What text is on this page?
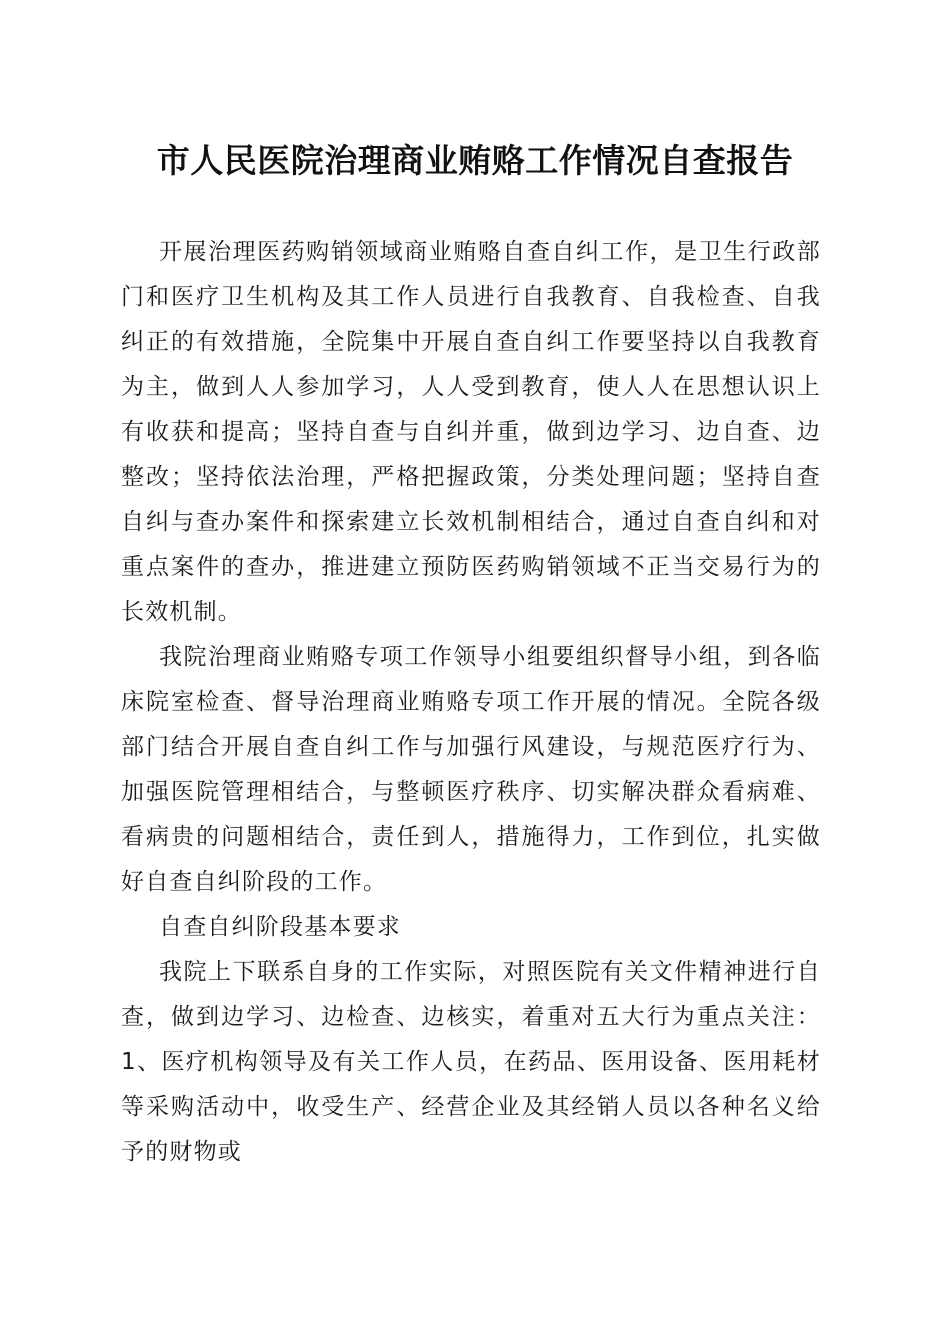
市人民医院治理商业贿赂工作情况自查报告

开展治理医药购销领域商业贿赂自查自纠工作，是卫生行政部门和医疗卫生机构及其工作人员进行自我教育、自我检查、自我纠正的有效措施，全院集中开展自查自纠工作要坚持以自我教育为主，做到人人参加学习，人人受到教育，使人人在思想认识上有收获和提高；坚持自查与自纠并重，做到边学习、边自查、边整改；坚持依法治理，严格把握政策，分类处理问题；坚持自查自纠与查办案件和探索建立长效机制相结合，通过自查自纠和对重点案件的查办，推进建立预防医药购销领域不正当交易行为的长效机制。

我院治理商业贿赂专项工作领导小组要组织督导小组，到各临床院室检查、督导治理商业贿赂专项工作开展的情况。全院各级部门结合开展自查自纠工作与加强行风建设，与规范医疗行为、加强医院管理相结合，与整顿医疗秩序、切实解决群众看病难、看病贵的问题相结合，责任到人，措施得力，工作到位，扎实做好自查自纠阶段的工作。

自查自纠阶段基本要求

我院上下联系自身的工作实际，对照医院有关文件精神进行自查，做到边学习、边检查、边核实，着重对五大行为重点关注：1、医疗机构领导及有关工作人员，在药品、医用设备、医用耗材等采购活动中，收受生产、经营企业及其经销人员以各种名义给予的财物或
